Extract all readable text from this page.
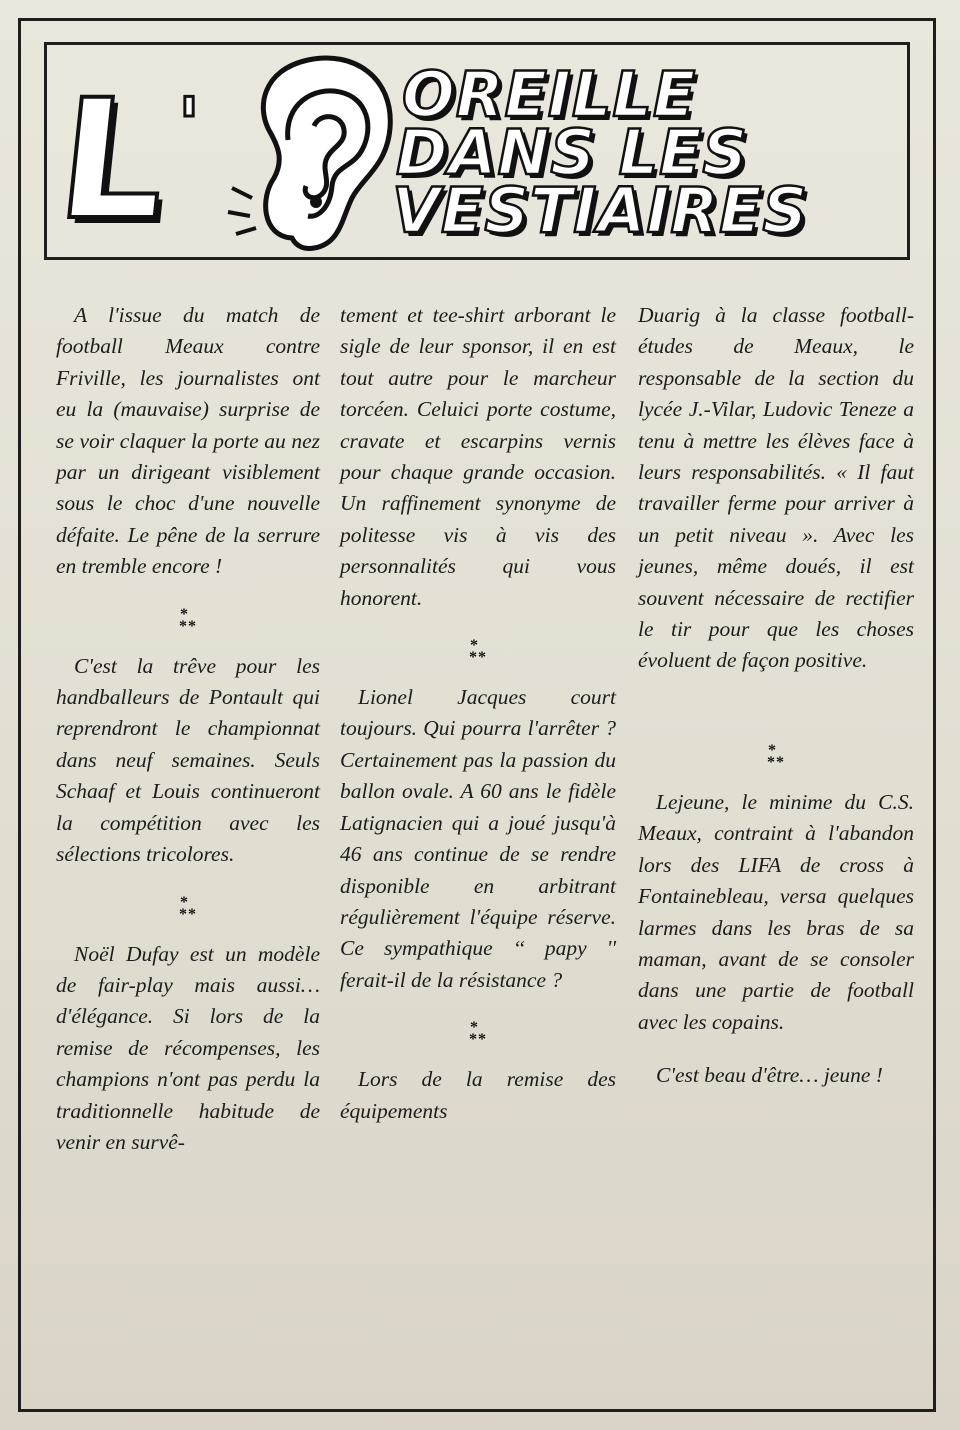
L '	OREILLE
DANS LES
VESTIAIRES

A l'issue du match de football Meaux contre Friville, les journalistes ont eu la (mauvaise) surprise de se voir claquer la porte au nez par un dirigeant visiblement sous le choc d'une nouvelle défaite. Le pêne de la serrure en tremble encore !

*
**

C'est la trêve pour les handballeurs de Pontault qui reprendront le championnat dans neuf semaines. Seuls Schaaf et Louis continueront la compétition avec les sélections tricolores.

*
**

Noël Dufay est un modèle de fair-play mais aussi… d'élégance. Si lors de la remise de récompenses, les champions n'ont pas perdu la traditionnelle habitude de venir en survê-

tement et tee-shirt arborant le sigle de leur sponsor, il en est tout autre pour le marcheur torcéen. Celuici porte costume, cravate et escarpins vernis pour chaque grande occasion. Un raffinement synonyme de politesse vis à vis des personnalités qui vous honorent.

*
**

Lionel Jacques court toujours. Qui pourra l'arrêter ? Certainement pas la passion du ballon ovale. A 60 ans le fidèle Latignacien qui a joué jusqu'à 46 ans continue de se rendre disponible en arbitrant régulièrement l'équipe réserve. Ce sympathique ‘‘ papy '' ferait-il de la résistance ?

*
**

Lors de la remise des équipements

Duarig à la classe football-études de Meaux, le responsable de la section du lycée J.-Vilar, Ludovic Teneze a tenu à mettre les élèves face à leurs responsabilités. « Il faut travailler ferme pour arriver à un petit niveau ». Avec les jeunes, même doués, il est souvent nécessaire de rectifier le tir pour que les choses évoluent de façon positive.

*
**

Lejeune, le minime du C.S. Meaux, contraint à l'abandon lors des LIFA de cross à Fontainebleau, versa quelques larmes dans les bras de sa maman, avant de se consoler dans une partie de football avec les copains.

C'est beau d'être… jeune !
